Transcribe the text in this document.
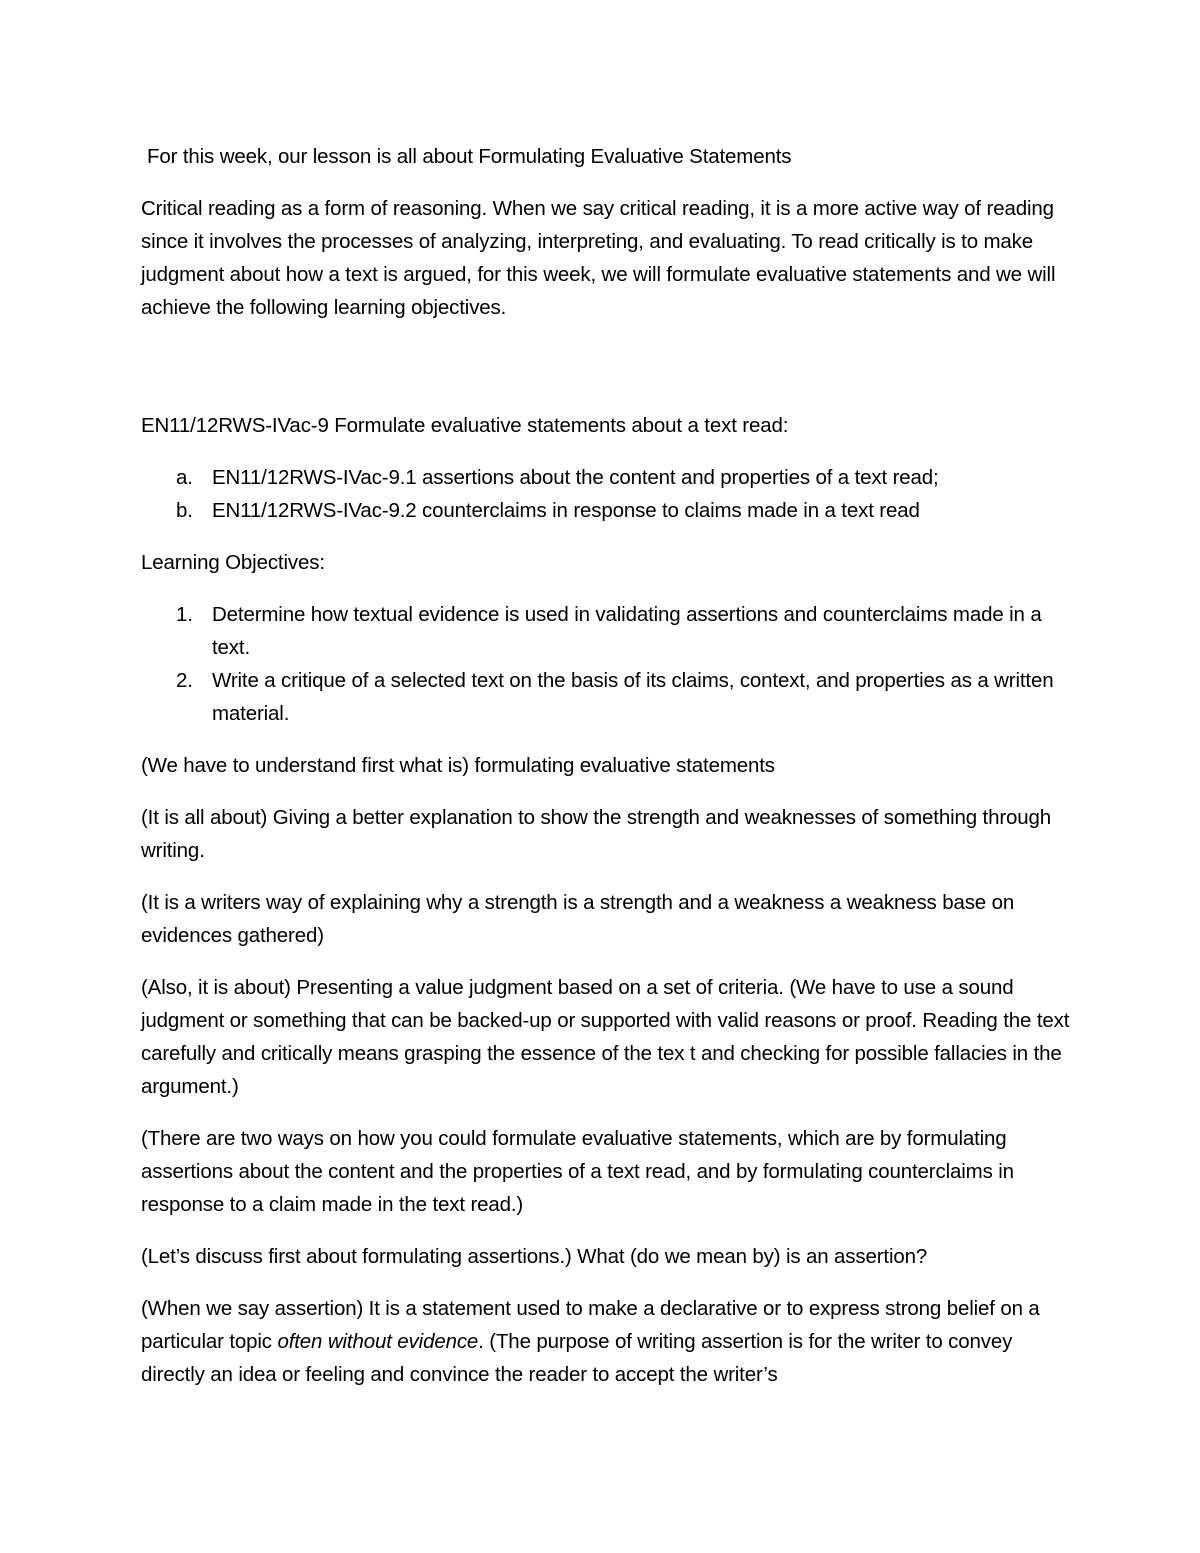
For this week, our lesson is all about Formulating Evaluative Statements

Critical reading as a form of reasoning. When we say critical reading, it is a more active way of reading since it involves the processes of analyzing, interpreting, and evaluating. To read critically is to make judgment about how a text is argued, for this week, we will formulate evaluative statements and we will achieve the following learning objectives.

EN11/12RWS-IVac-9 Formulate evaluative statements about a text read:

a. EN11/12RWS-IVac-9.1 assertions about the content and properties of a text read;
b. EN11/12RWS-IVac-9.2 counterclaims in response to claims made in a text read

Learning Objectives:

1. Determine how textual evidence is used in validating assertions and counterclaims made in a text.
2. Write a critique of a selected text on the basis of its claims, context, and properties as a written material.

(We have to understand first what is) formulating evaluative statements

(It is all about) Giving a better explanation to show the strength and weaknesses of something through writing.

(It is a writers way of explaining why a strength is a strength and a weakness a weakness base on evidences gathered)

(Also, it is about) Presenting a value judgment based on a set of criteria. (We have to use a sound judgment or something that can be backed-up or supported with valid reasons or proof. Reading the text carefully and critically means grasping the essence of the tex t and checking for possible fallacies in the argument.)

(There are two ways on how you could formulate evaluative statements, which are by formulating assertions about the content and the properties of a text read, and by formulating counterclaims in response to a claim made in the text read.)

(Let’s discuss first about formulating assertions.) What (do we mean by) is an assertion?

(When we say assertion) It is a statement used to make a declarative or to express strong belief on a particular topic often without evidence. (The purpose of writing assertion is for the writer to convey directly an idea or feeling and convince the reader to accept the writer’s
